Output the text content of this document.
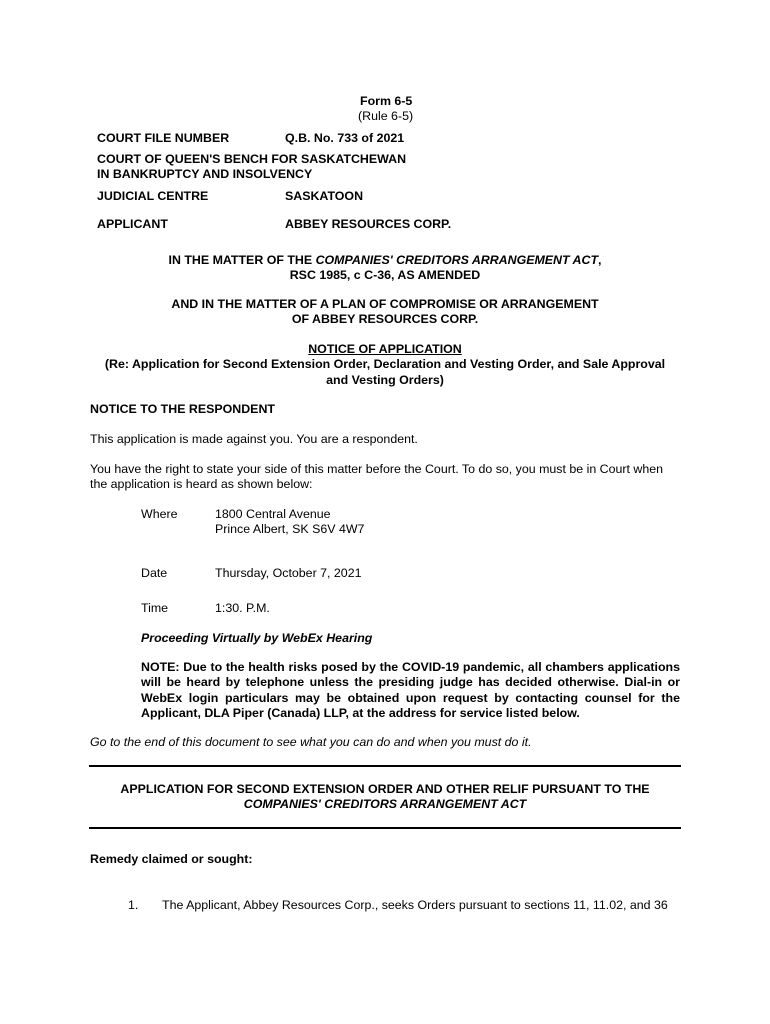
Form 6-5
(Rule 6-5)
COURT FILE NUMBER	Q.B. No. 733 of 2021
COURT OF QUEEN'S BENCH FOR SASKATCHEWAN
IN BANKRUPTCY AND INSOLVENCY
JUDICIAL CENTRE	SASKATOON
APPLICANT	ABBEY RESOURCES CORP.
IN THE MATTER OF THE COMPANIES' CREDITORS ARRANGEMENT ACT,
RSC 1985, c C-36, AS AMENDED
AND IN THE MATTER OF A PLAN OF COMPROMISE OR ARRANGEMENT
OF ABBEY RESOURCES CORP.
NOTICE OF APPLICATION
(Re: Application for Second Extension Order, Declaration and Vesting Order, and Sale Approval
and Vesting Orders)
NOTICE TO THE RESPONDENT
This application is made against you. You are a respondent.
You have the right to state your side of this matter before the Court. To do so, you must be in Court when
the application is heard as shown below:
Where	1800 Central Avenue
Prince Albert, SK S6V 4W7
Date	Thursday, October 7, 2021
Time	1:30. P.M.
Proceeding Virtually by WebEx Hearing
NOTE: Due to the health risks posed by the COVID-19 pandemic, all chambers applications will be heard by telephone unless the presiding judge has decided otherwise. Dial-in or WebEx login particulars may be obtained upon request by contacting counsel for the Applicant, DLA Piper (Canada) LLP, at the address for service listed below.
Go to the end of this document to see what you can do and when you must do it.
APPLICATION FOR SECOND EXTENSION ORDER AND OTHER RELIF PURSUANT TO THE
COMPANIES' CREDITORS ARRANGEMENT ACT
Remedy claimed or sought:
1. The Applicant, Abbey Resources Corp., seeks Orders pursuant to sections 11, 11.02, and 36
